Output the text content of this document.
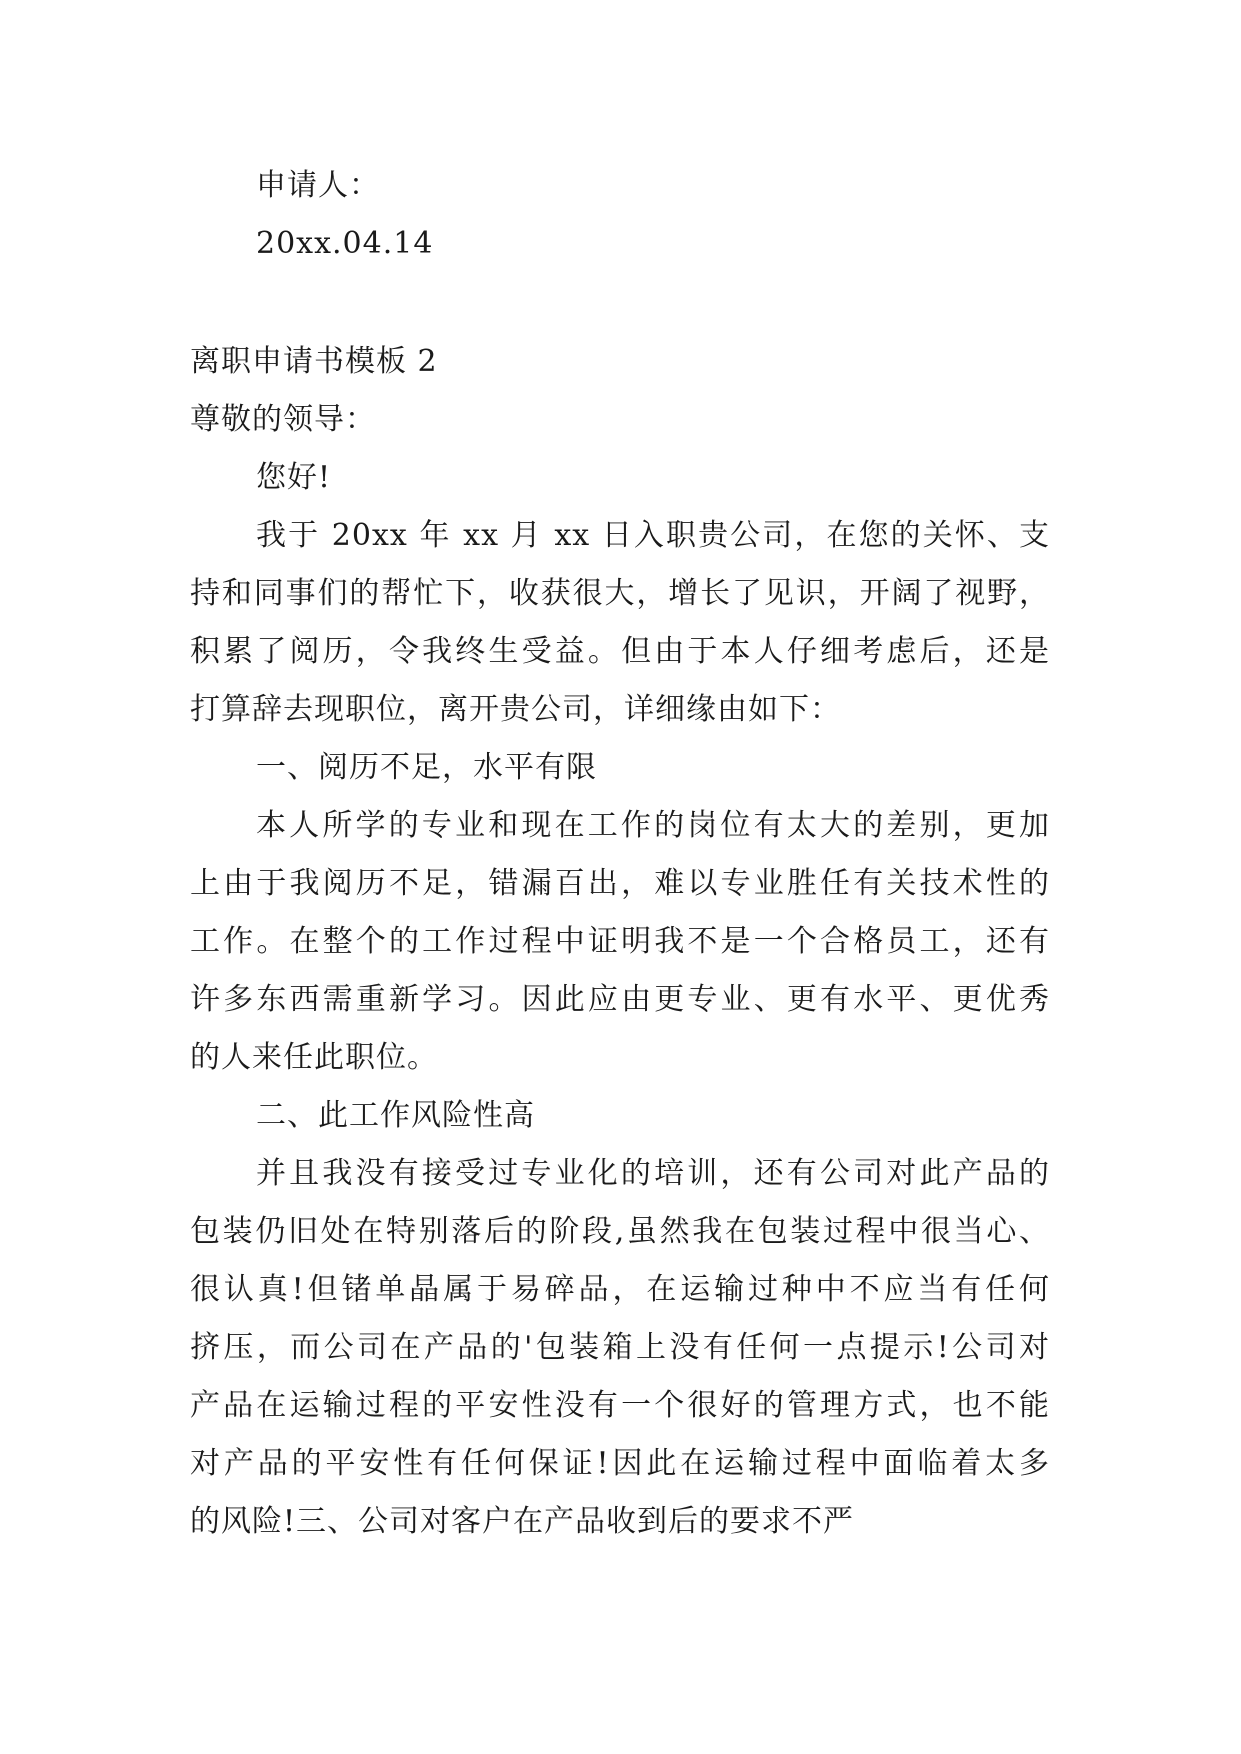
申请人：
20xx.04.14
离职申请书模板 2
尊敬的领导：
您好!
我于 20xx 年 xx 月 xx 日入职贵公司，在您的关怀、支
持和同事们的帮忙下，收获很大，增长了见识，开阔了视野，
积累了阅历，令我终生受益。但由于本人仔细考虑后，还是
打算辞去现职位，离开贵公司，详细缘由如下：
一、阅历不足，水平有限
本人所学的专业和现在工作的岗位有太大的差别，更加
上由于我阅历不足，错漏百出，难以专业胜任有关技术性的
工作。在整个的工作过程中证明我不是一个合格员工，还有
许多东西需重新学习。因此应由更专业、更有水平、更优秀
的人来任此职位。
二、此工作风险性高
并且我没有接受过专业化的培训，还有公司对此产品的
包装仍旧处在特别落后的阶段,虽然我在包装过程中很当心、
很认真!但锗单晶属于易碎品，在运输过种中不应当有任何
挤压，而公司在产品的'包装箱上没有任何一点提示!公司对
产品在运输过程的平安性没有一个很好的管理方式，也不能
对产品的平安性有任何保证!因此在运输过程中面临着太多
的风险!三、公司对客户在产品收到后的要求不严
